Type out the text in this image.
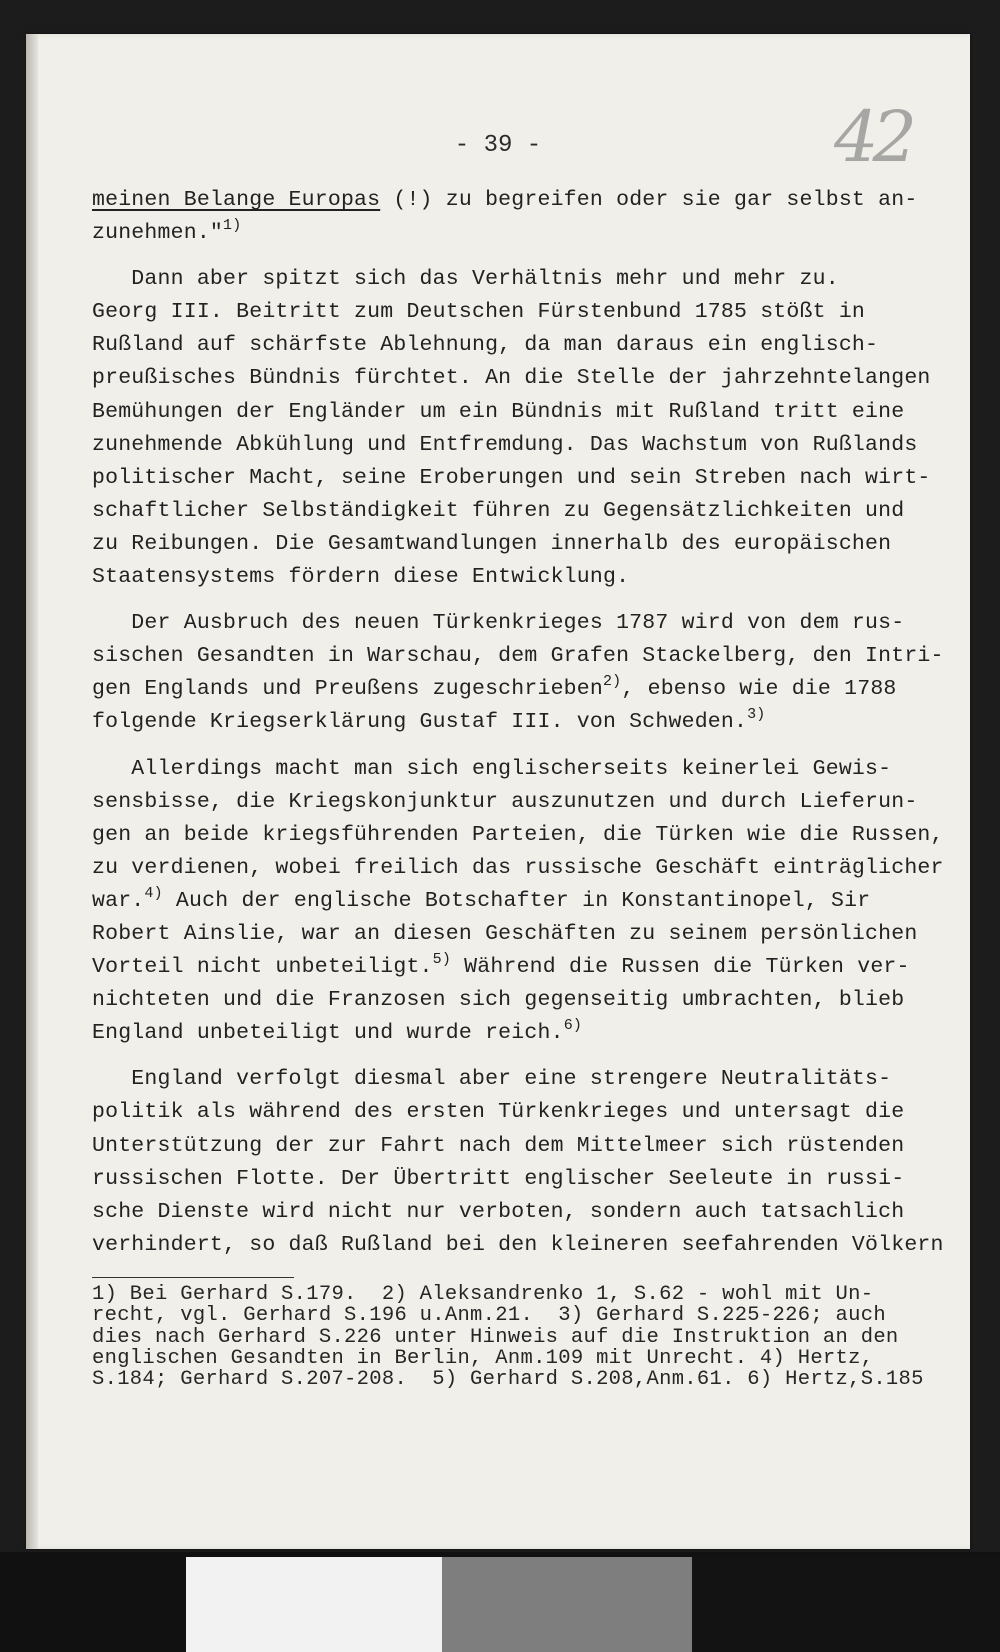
- 39 -	42
meinen Belange Europas (!) zu begreifen oder sie gar selbst an-
zunehmen."$^{1)}$
Dann aber spitzt sich das Verhältnis mehr und mehr zu.
Georg III. Beitritt zum Deutschen Fürstenbund 1785 stößt in
Rußland auf schärfste Ablehnung, da man daraus ein englisch-
preußisches Bündnis fürchtet. An die Stelle der jahrzehntelangen
Bemühungen der Engländer um ein Bündnis mit Rußland tritt eine
zunehmende Abkühlung und Entfremdung. Das Wachstum von Rußlands
politischer Macht, seine Eroberungen und sein Streben nach wirt-
schaftlicher Selbständigkeit führen zu Gegensätzlichkeiten und
zu Reibungen. Die Gesamtwandlungen innerhalb des europäischen
Staatensystems fördern diese Entwicklung.
Der Ausbruch des neuen Türkenkrieges 1787 wird von dem rus-
sischen Gesandten in Warschau, dem Grafen Stackelberg, den Intri-
gen Englands und Preußens zugeschrieben$^{2)}$, ebenso wie die 1788
folgende Kriegserklärung Gustaf III. von Schweden.$^{3)}$
Allerdings macht man sich englischerseits keinerlei Gewis-
sensbisse, die Kriegskonjunktur auszunutzen und durch Lieferun-
gen an beide kriegsführenden Parteien, die Türken wie die Russen,
zu verdienen, wobei freilich das russische Geschäft einträglicher
war.$^{4)}$ Auch der englische Botschafter in Konstantinopel, Sir
Robert Ainslie, war an diesen Geschäften zu seinem persönlichen
Vorteil nicht unbeteiligt.$^{5)}$ Während die Russen die Türken ver-
nichteten und die Franzosen sich gegenseitig umbrachten, blieb
England unbeteiligt und wurde reich.$^{6)}$
England verfolgt diesmal aber eine strengere Neutralitäts-
politik als während des ersten Türkenkrieges und untersagt die
Unterstützung der zur Fahrt nach dem Mittelmeer sich rüstenden
russischen Flotte. Der Übertritt englischer Seeleute in russi-
sche Dienste wird nicht nur verboten, sondern auch tatsachlich
verhindert, so daß Rußland bei den kleineren seefahrenden Völkern
1) Bei Gerhard S.179.  2) Aleksandrenko 1, S.62 - wohl mit Un-
recht, vgl. Gerhard S.196 u.Anm.21.  3) Gerhard S.225-226; auch
dies nach Gerhard S.226 unter Hinweis auf die Instruktion an den
englischen Gesandten in Berlin, Anm.109 mit Unrecht. 4) Hertz,
S.184; Gerhard S.207-208.  5) Gerhard S.208,Anm.61. 6) Hertz,S.185
